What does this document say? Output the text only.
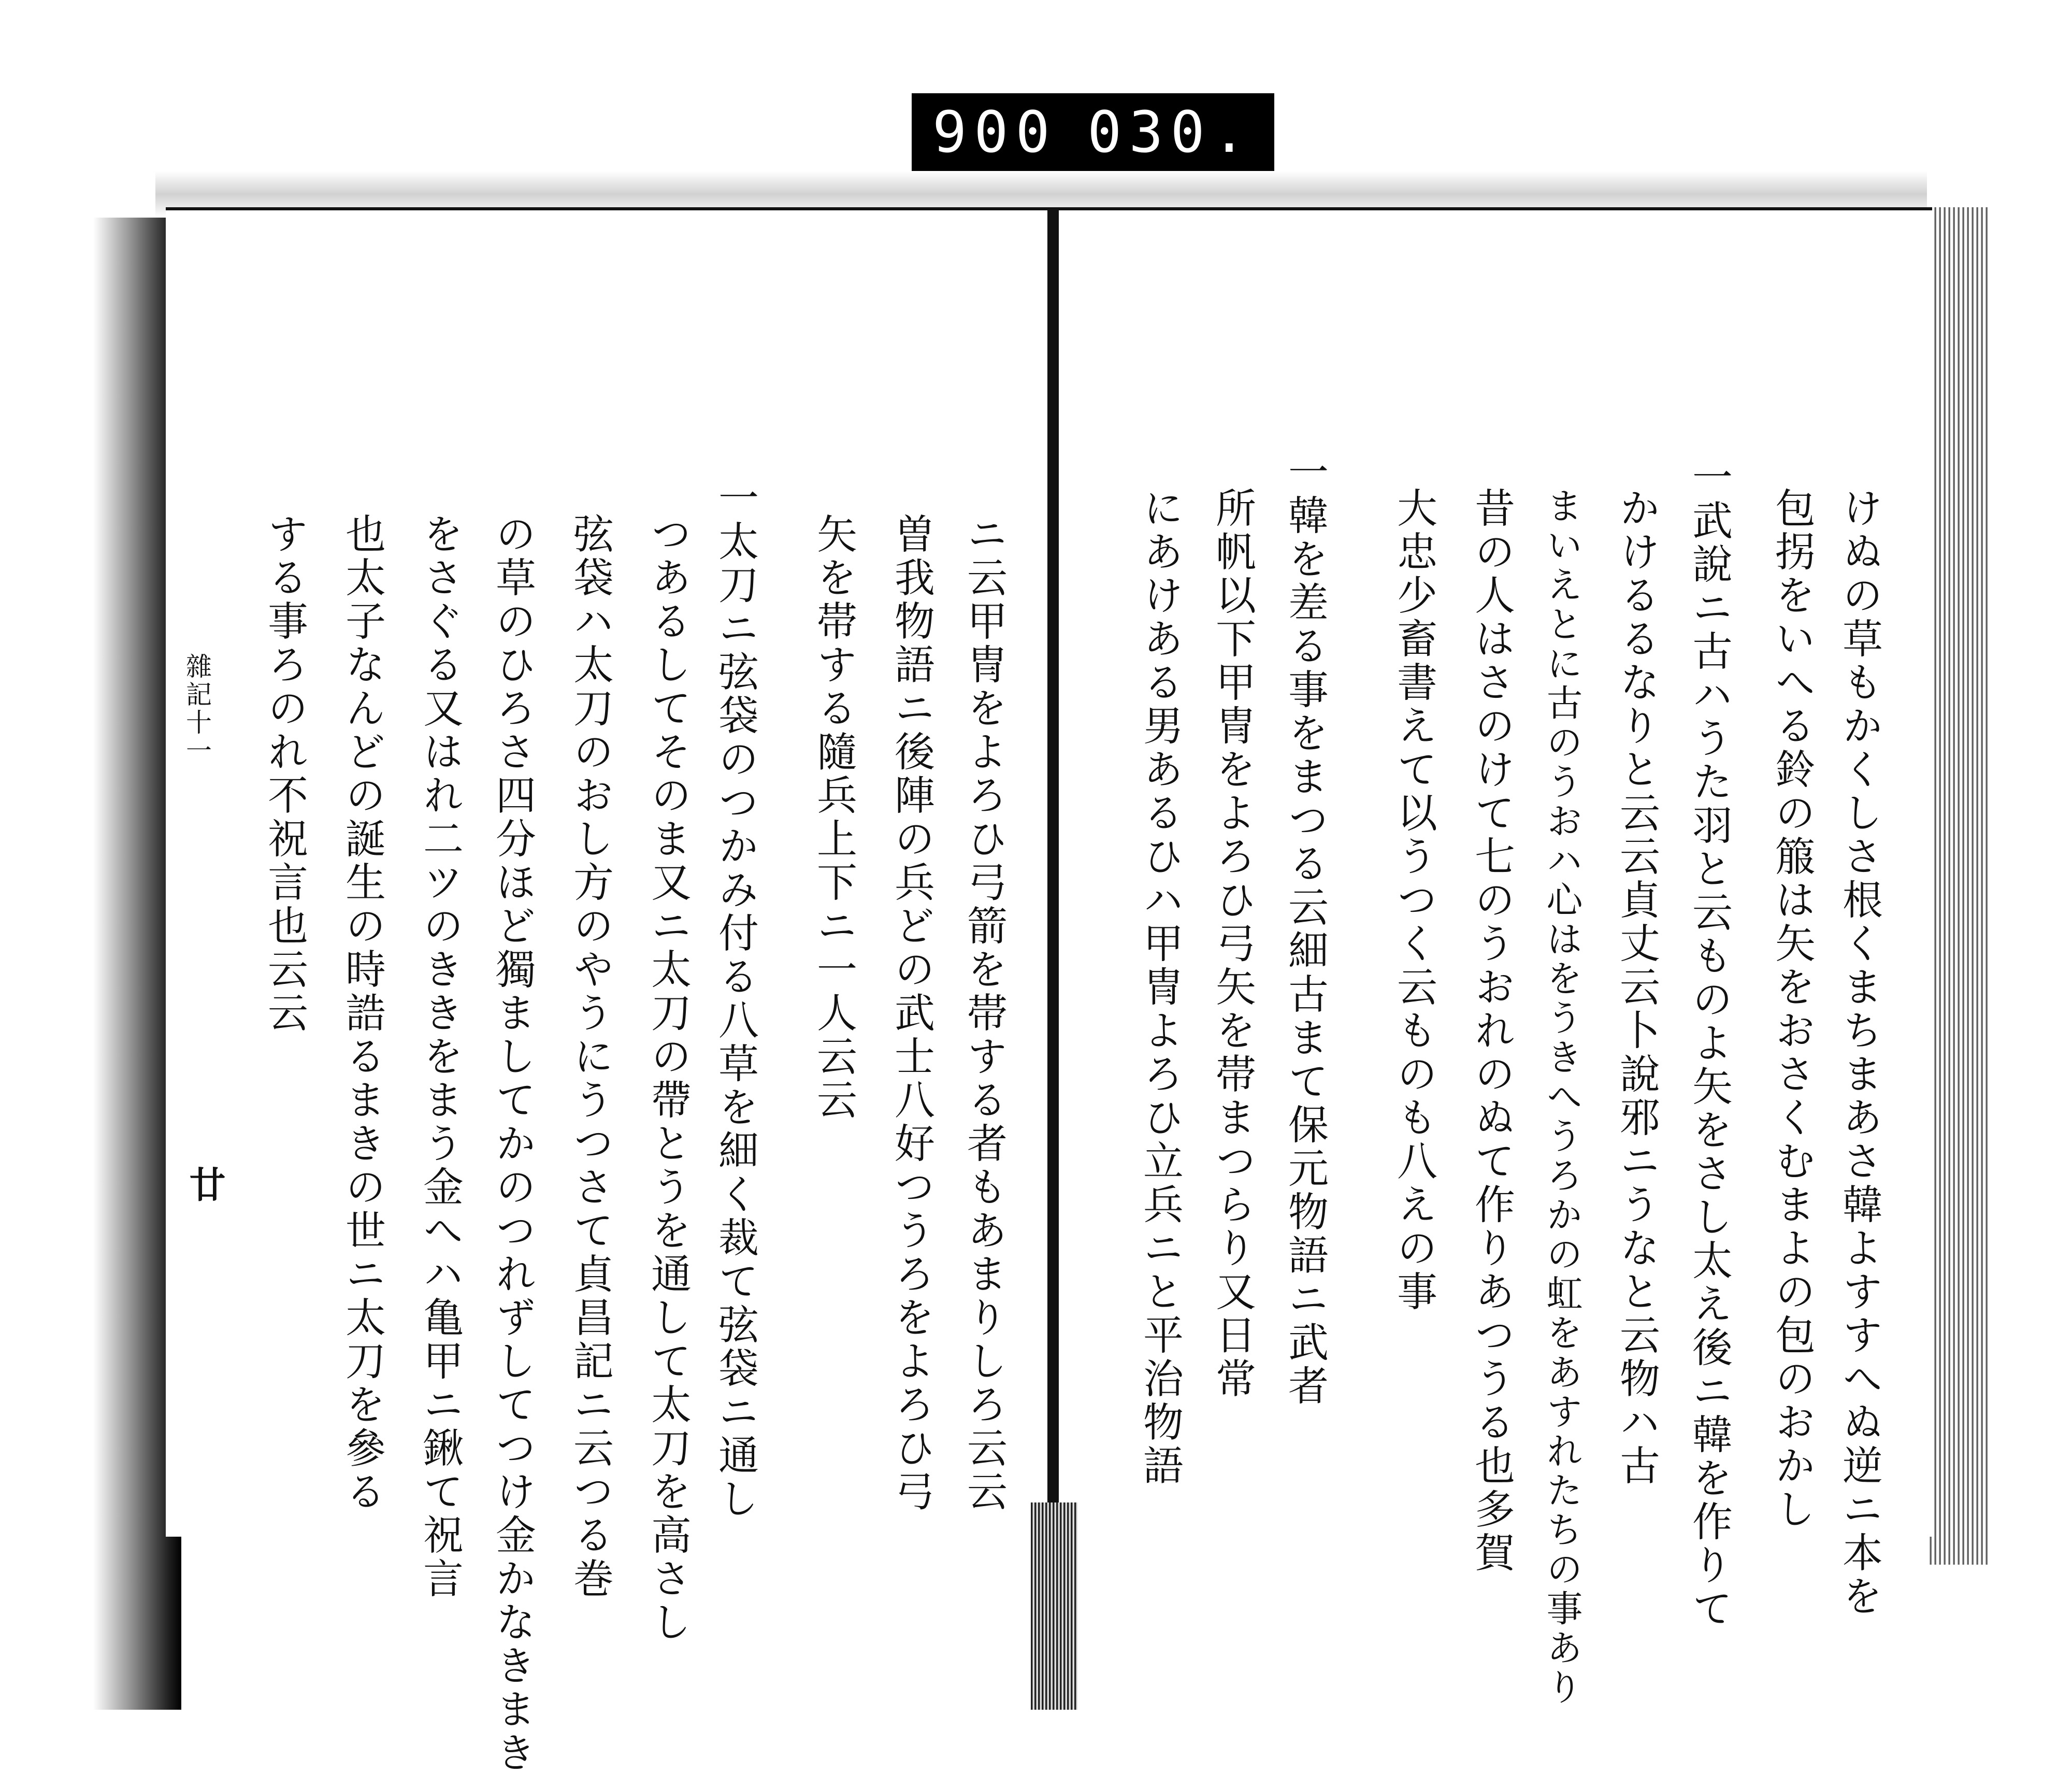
900 030.
けぬの草もかくしさ根くまちまあさ韓よすすへぬ逆ニ本を
包拐をいへる鈴の箙は矢をおさくむまよの包のおかし
一武說ニ古ハうた羽と云ものよ矢をさし太え後ニ韓を作りて
かけるるなりと云云貞丈云卜說邪ニうなと云物ハ古
まいえとに古のうおハ心はをうきへうろかの虹をあすれたちの事あり
昔の人はさのけて七のうおれのぬて作りあつうる也多賀
大忠少畜書えて以うつく云ものも八えの事
一韓を差る事をまつる云細古まて保元物語ニ武者
所帆以下甲冑をよろひ弓矢を帯まつらり又日常
にあけある男あるひハ甲冑よろひ立兵ニと平治物語
ニ云甲冑をよろひ弓箭を帯する者もあまりしろ云云
曽我物語ニ後陣の兵どの武士八好つうろをよろひ弓
矢を帯する隨兵上下ニ一人云云
一太刀ニ弦袋のつかみ付る八草を細く裁て弦袋ニ通し
つあるしてそのま又ニ太刀の帶とうを通して太刀を高さし
弦袋ハ太刀のおし方のやうにうつさて貞昌記ニ云つる巻
の草のひろさ四分ほど獨ましてかのつれずしてつけ金かなきまき
をさぐる又はれ二ツのききをまう金へハ亀甲ニ鍬て祝言
也太子なんどの誕生の時誥るまきの世ニ太刀を參る
する事ろのれ不祝言也云云
雜記十一
廿
